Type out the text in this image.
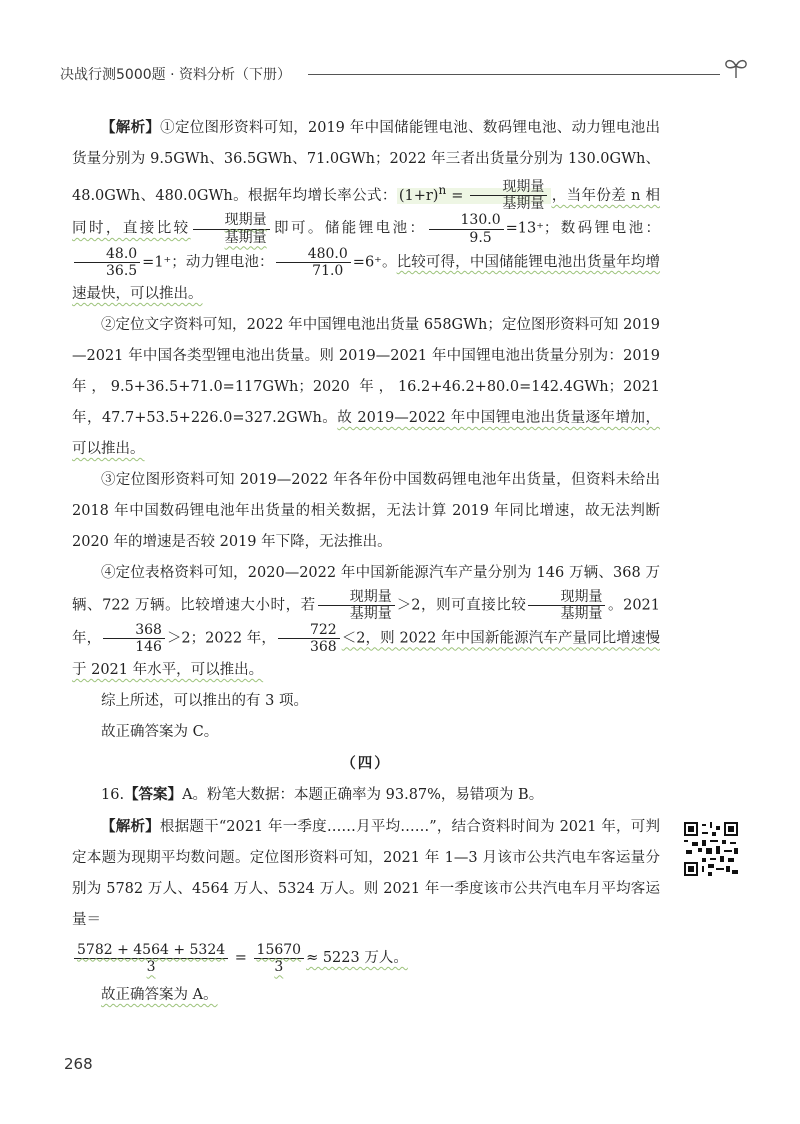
决战行测5000题 · 资料分析（下册）

【解析】①定位图形资料可知，2019 年中国储能锂电池、数码锂电池、动力锂电池出货量分别为 9.5GWh、36.5GWh、71.0GWh；2022 年三者出货量分别为 130.0GWh、48.0GWh、480.0GWh。根据年均增长率公式： $(1+r)^n = \frac{\text{现期量}}{\text{基期量}}$ ，当年份差 n 相同时，直接比较 $\frac{\text{现期量}}{\text{基期量}}$ 即可。储能锂电池： $\frac{130.0}{9.5} =13^+$；数码锂电池：
$\frac{48.0}{36.5} =1^+$；动力锂电池： $\frac{480.0}{71.0} =6^+$。比较可得，中国储能锂电池出货量年均增速最快，可以推出。

②定位文字资料可知，2022 年中国锂电池出货量 658GWh；定位图形资料可知 2019—2021 年中国各类型锂电池出货量。则 2019—2021 年中国锂电池出货量分别为：2019 年，9.5+36.5+71.0=117GWh；2020 年，16.2+46.2+80.0=142.4GWh；2021 年，47.7+53.5+226.0=327.2GWh。故 2019—2022 年中国锂电池出货量逐年增加，可以推出。

③定位图形资料可知 2019—2022 年各年份中国数码锂电池年出货量，但资料未给出 2018 年中国数码锂电池年出货量的相关数据，无法计算 2019 年同比增速，故无法判断 2020 年的增速是否较 2019 年下降，无法推出。

④定位表格资料可知，2020—2022 年中国新能源汽车产量分别为 146 万辆、368 万辆、722 万辆。比较增速大小时，若 $\frac{\text{现期量}}{\text{基期量}} >2$，则可直接比较 $\frac{\text{现期量}}{\text{基期量}}$ 。2021 年， $\frac{368}{146} >2$；2022 年， $\frac{722}{368} <2$，则 2022 年中国新能源汽车产量同比增速慢于 2021 年水平，可以推出。

综上所述，可以推出的有 3 项。

故正确答案为 C。

（四）

16.【答案】A。粉笔大数据：本题正确率为 93.87%，易错项为 B。

【解析】根据题干“2021 年一季度……月平均……”，结合资料时间为 2021 年，可判定本题为现期平均数问题。定位图形资料可知，2021 年 1—3 月该市公共汽电车客运量分别为 5782 万人、4564 万人、5324 万人。则 2021 年一季度该市公共汽电车月平均客运量＝

$\frac{5782 + 4564 + 5324}{3} = \frac{15670}{3} \approx 5223$ 万人。

故正确答案为 A。

268
